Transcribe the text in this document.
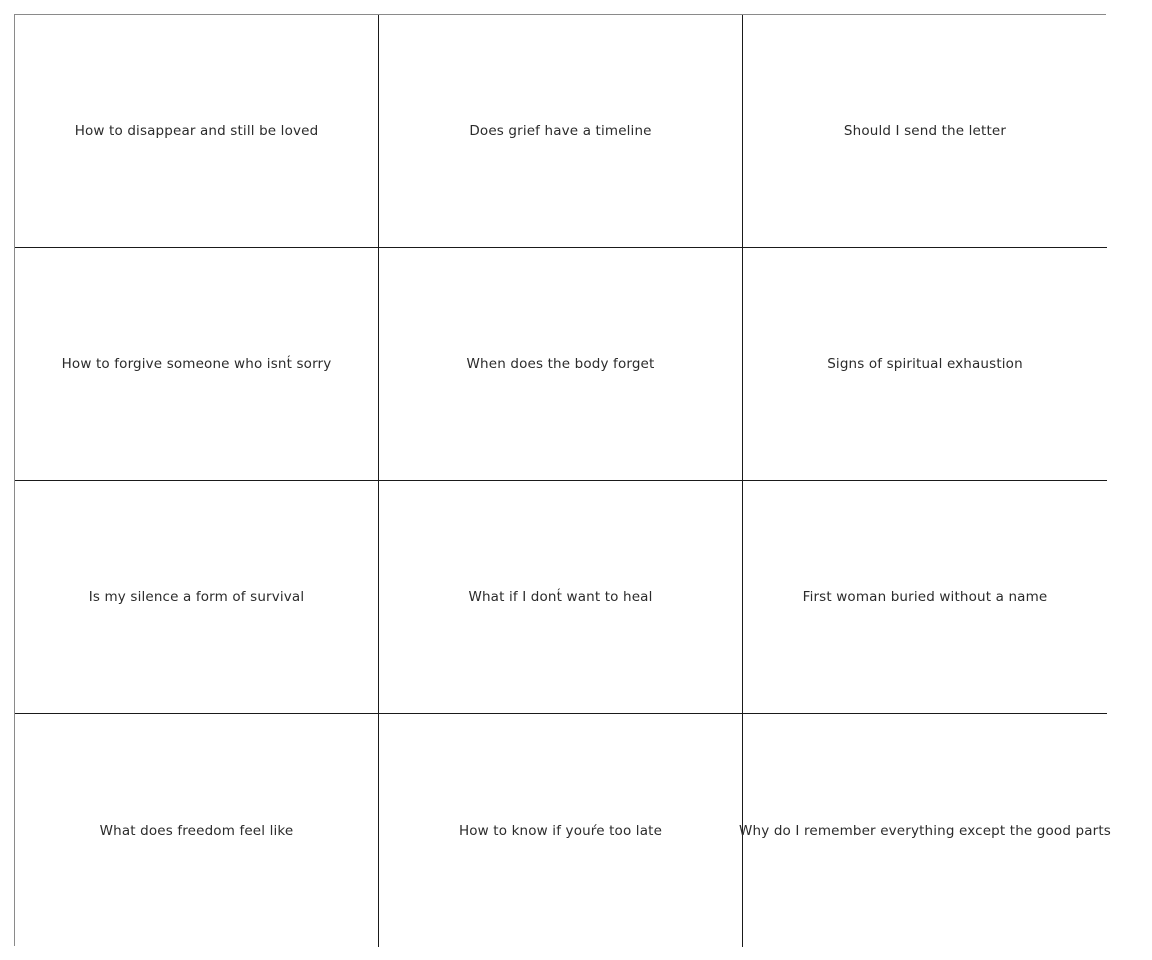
How to disappear and still be loved	Does grief have a timeline	Should I send the letter
How to forgive someone who isnt́ sorry	When does the body forget	Signs of spiritual exhaustion
Is my silence a form of survival	What if I dont́ want to heal	First woman buried without a name
What does freedom feel like	How to know if youŕe too late	Why do I remember everything except the good parts
